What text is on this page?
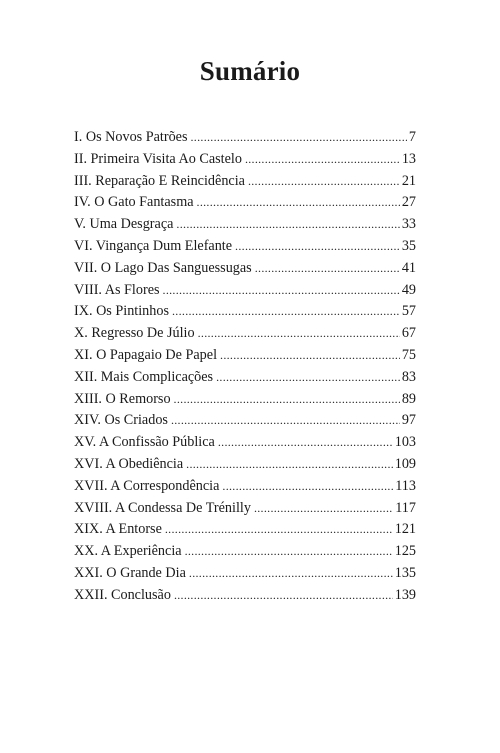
Sumário
I. Os Novos Patrões .....	7
II. Primeira Visita Ao Castelo .....	13
III. Reparação E Reincidência .....	21
IV. O Gato Fantasma .....	27
V. Uma Desgraça .....	33
VI. Vingança Dum Elefante .....	35
VII. O Lago Das Sanguessugas .....	41
VIII. As Flores .....	49
IX. Os Pintinhos .....	57
X. Regresso De Júlio .....	67
XI. O Papagaio De Papel .....	75
XII. Mais Complicações .....	83
XIII. O Remorso .....	89
XIV. Os Criados .....	97
XV. A Confissão Pública .....	103
XVI. A Obediência .....	109
XVII. A Correspondência .....	113
XVIII. A Condessa De Trénilly .....	117
XIX. A Entorse .....	121
XX. A Experiência .....	125
XXI. O Grande Dia .....	135
XXII. Conclusão .....	139
